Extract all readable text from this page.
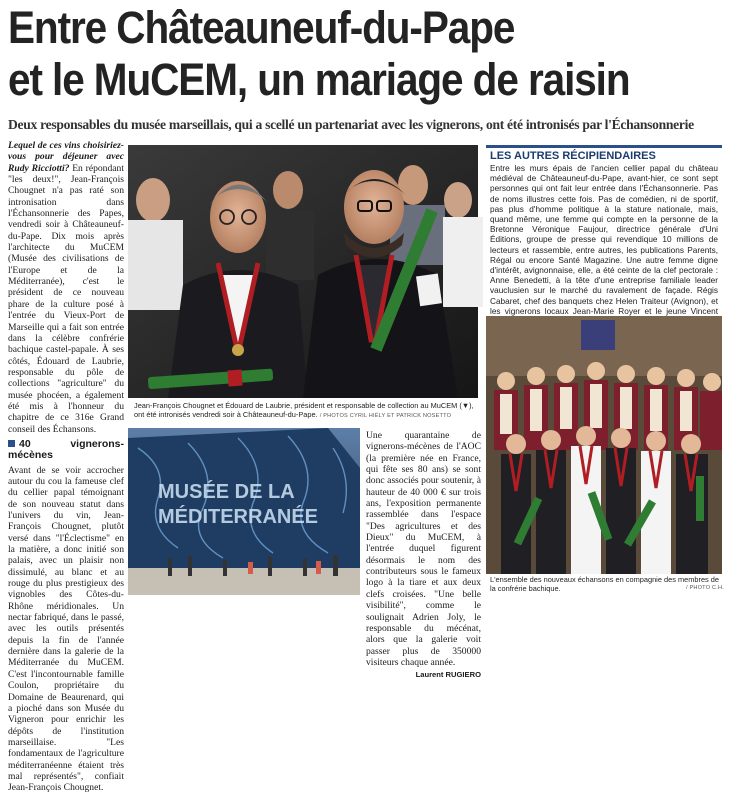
Entre Châteauneuf-du-Pape
et le MuCEM, un mariage de raisin
Deux responsables du musée marseillais, qui a scellé un partenariat avec les vignerons, ont été intronisés par l'Échansonnerie

Lequel de ces vins choisiriez-vous pour déjeuner avec Rudy Ricciotti? En répondant "les deux!", Jean-François Chougnet n'a pas raté son intronisation dans l'Échansonnerie des Papes, vendredi soir à Châteauneuf-du-Pape. Dix mois après l'architecte du MuCEM (Musée des civilisations de l'Europe et de la Méditerranée), c'est le président de ce nouveau phare de la culture posé à l'entrée du Vieux-Port de Marseille qui a fait son entrée dans la célèbre confrérie bachique castel-papale. À ses côtés, Édouard de Laubrie, responsable du pôle de collections "agriculture" du musée phocéen, a également été mis à l'honneur du chapitre de ce 316e Grand conseil des Échansons.

40 vignerons-mécènes

Avant de se voir accrocher autour du cou la fameuse clef du cellier papal témoignant de son nouveau statut dans l'univers du vin, Jean-François Chougnet, plutôt versé dans "l'Éclectisme" en la matière, a donc initié son palais, avec un plaisir non dissimulé, au blanc et au rouge du plus prestigieux des vignobles des Côtes-du-Rhône méridionales. Un nectar fabriqué, dans le passé, avec les outils présentés depuis la fin de l'année dernière dans la galerie de la Méditerranée du MuCEM. C'est l'incontournable famille Coulon, propriétaire du Domaine de Beaurenard, qui a pioché dans son Musée du Vigneron pour enrichir les dépôts de l'institution marseillaise. "Les fondamentaux de l'agriculture méditerranéenne étaient très mal représentés", confiait Jean-François Chougnet.

Jean-François Chougnet et Édouard de Laubrie, président et responsable de collection au MuCEM (▼), ont été intronisés vendredi soir à Châteauneuf-du-Pape. / PHOTOS CYRIL HIÉLY ET PATRICK NOSETTO
MUSÉE DE LA MÉDITERRANÉE

Une quarantaine de vignerons-mécènes de l'AOC (la première née en France, qui fête ses 80 ans) se sont donc associés pour soutenir, à hauteur de 40 000 € sur trois ans, l'exposition permanente rassemblée dans l'espace "Des agricultures et des Dieux" du MuCEM, à l'entrée duquel figurent désormais le nom des contributeurs sous le fameux logo à la tiare et aux deux clefs croisées. "Une belle visibilité", comme le soulignait Adrien Joly, le responsable du mécénat, alors que la galerie voit passer plus de 350000 visiteurs chaque année.

Laurent RUGIERO
LES AUTRES RÉCIPIENDAIRES
Entre les murs épais de l'ancien cellier papal du château médiéval de Châteauneuf-du-Pape, avant-hier, ce sont sept personnes qui ont fait leur entrée dans l'Échansonnerie. Pas de noms illustres cette fois. Pas de comédien, ni de sportif, pas plus d'homme politique à la stature nationale, mais, quand même, une femme qui compte en la personne de la Bretonne Véronique Faujour, directrice générale d'Uni Éditions, groupe de presse qui revendique 10 millions de lecteurs et rassemble, entre autres, les publications Parents, Régal ou encore Santé Magazine. Une autre femme digne d'intérêt, avignonnaise, elle, a été ceinte de la clef pectorale : Anne Benedetti, à la tête d'une entreprise familiale leader vauclusien sur le marché du ravalement de façade. Régis Cabaret, chef des banquets chez Helen Traiteur (Avignon), et les vignerons locaux Jean-Marie Royer et le jeune Vincent
L'ensemble des nouveaux échansons en compagnie des membres de la confrérie bachique.	/ PHOTO C.H.
